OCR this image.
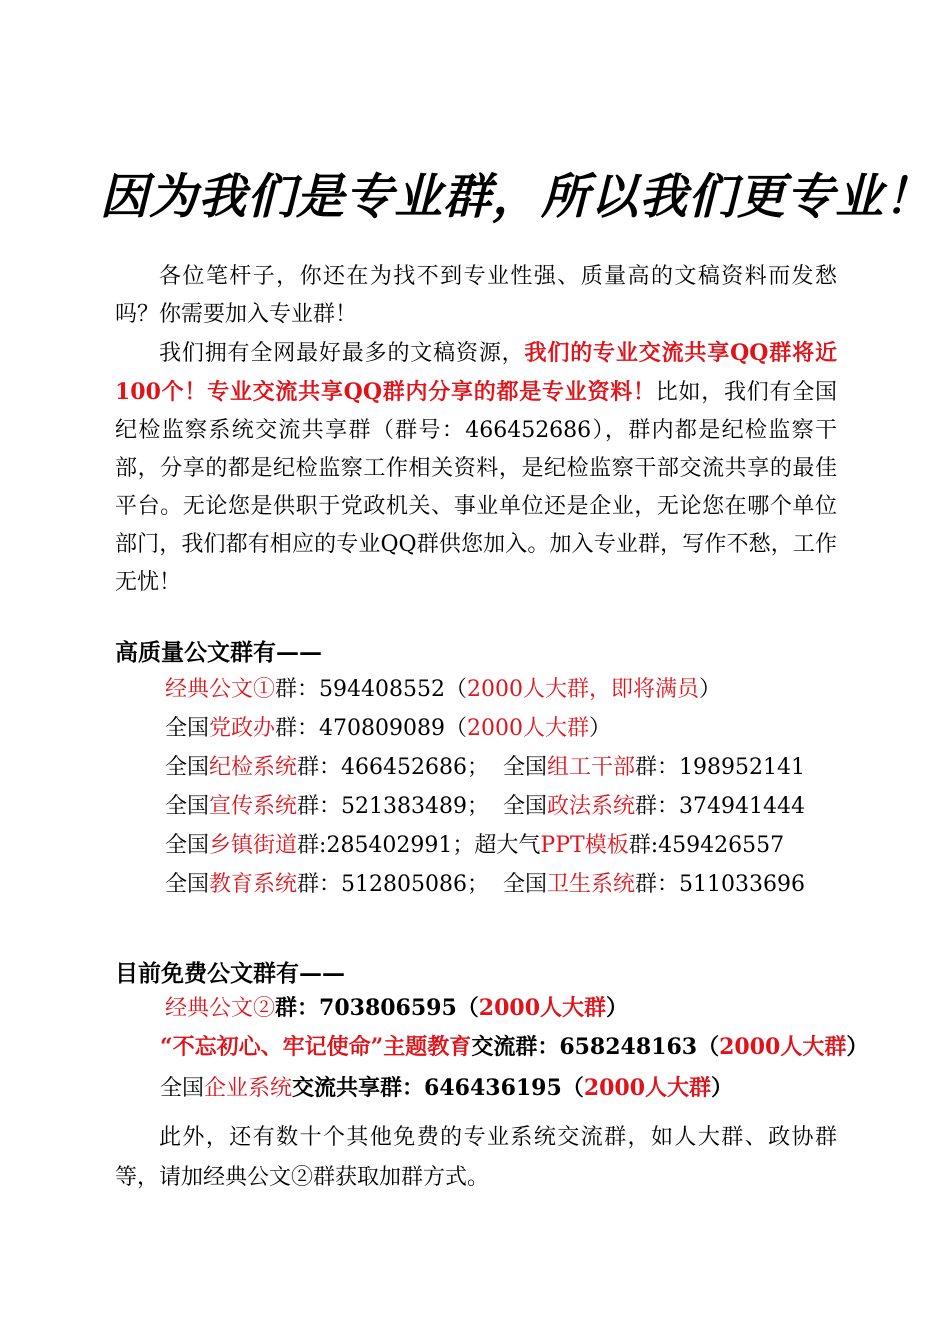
因为我们是专业群，所以我们更专业！

各位笔杆子，你还在为找不到专业性强、质量高的文稿资料而发愁吗？你需要加入专业群！

我们拥有全网最好最多的文稿资源，我们的专业交流共享QQ群将近100个！专业交流共享QQ群内分享的都是专业资料！比如，我们有全国纪检监察系统交流共享群（群号：466452686），群内都是纪检监察干部，分享的都是纪检监察工作相关资料，是纪检监察干部交流共享的最佳平台。无论您是供职于党政机关、事业单位还是企业，无论您在哪个单位部门，我们都有相应的专业QQ群供您加入。加入专业群，写作不愁，工作无忧！

高质量公文群有——
经典公文①群：594408552（2000人大群，即将满员）
全国党政办群：470809089（2000人大群）
全国纪检系统群：466452686；  全国组工干部群：198952141
全国宣传系统群：521383489；  全国政法系统群：374941444
全国乡镇街道群:285402991；超大气PPT模板群:459426557
全国教育系统群：512805086；  全国卫生系统群：511033696
目前免费公文群有——
经典公文②群：703806595（2000人大群）
“不忘初心、牢记使命”主题教育交流群：658248163（2000人大群）
全国企业系统交流共享群：646436195（2000人大群）

此外，还有数十个其他免费的专业系统交流群，如人大群、政协群等，请加经典公文②群获取加群方式。
